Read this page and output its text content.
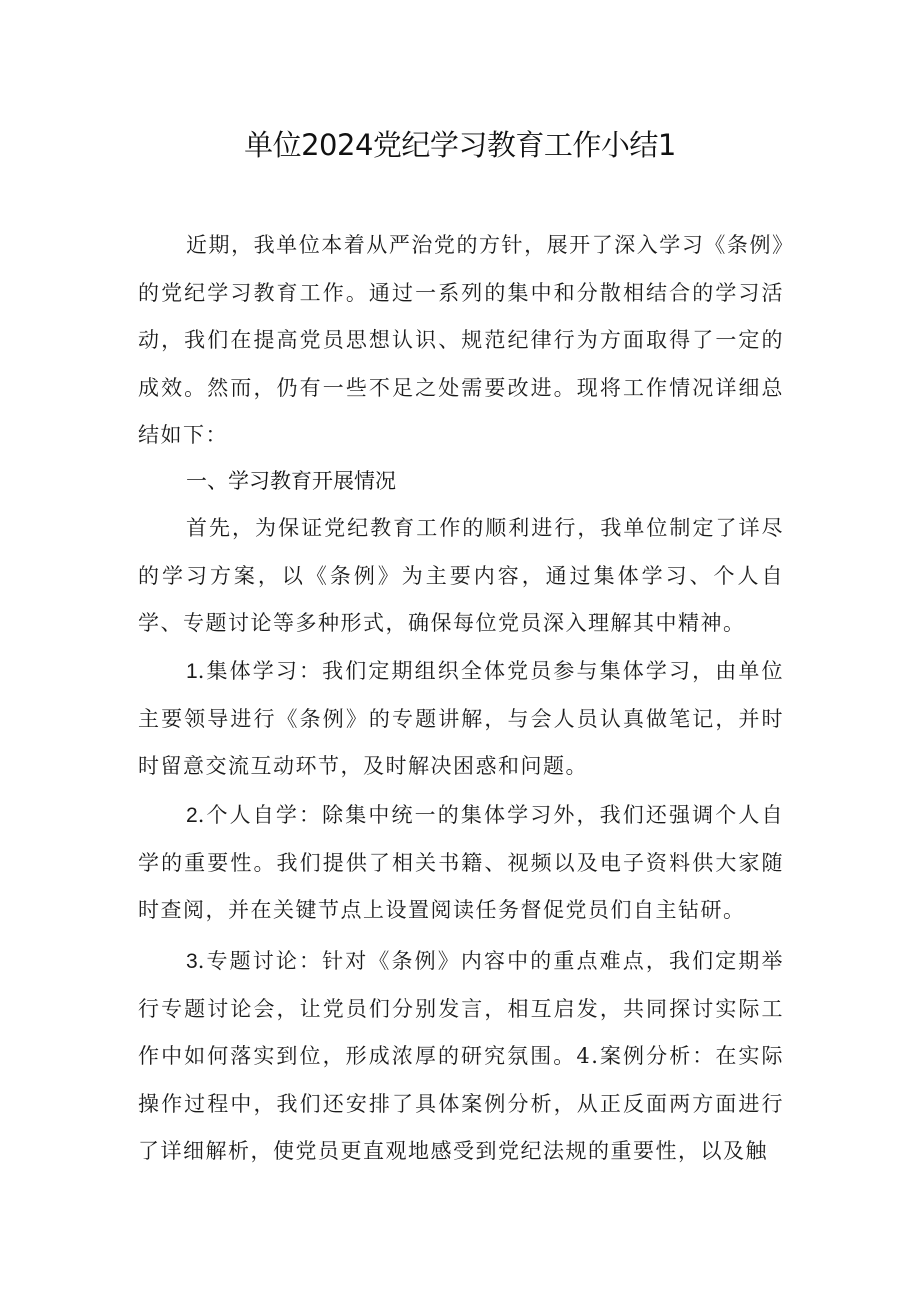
单位2024党纪学习教育工作小结1

近期，我单位本着从严治党的方针，展开了深入学习《条例》的党纪学习教育工作。通过一系列的集中和分散相结合的学习活动，我们在提高党员思想认识、规范纪律行为方面取得了一定的成效。然而，仍有一些不足之处需要改进。现将工作情况详细总结如下：

一、学习教育开展情况

首先，为保证党纪教育工作的顺利进行，我单位制定了详尽的学习方案，以《条例》为主要内容，通过集体学习、个人自学、专题讨论等多种形式，确保每位党员深入理解其中精神。

1.集体学习：我们定期组织全体党员参与集体学习，由单位主要领导进行《条例》的专题讲解，与会人员认真做笔记，并时时留意交流互动环节，及时解决困惑和问题。

2.个人自学：除集中统一的集体学习外，我们还强调个人自学的重要性。我们提供了相关书籍、视频以及电子资料供大家随时查阅，并在关键节点上设置阅读任务督促党员们自主钻研。

3.专题讨论：针对《条例》内容中的重点难点，我们定期举行专题讨论会，让党员们分别发言，相互启发，共同探讨实际工作中如何落实到位，形成浓厚的研究氛围。4.案例分析：在实际操作过程中，我们还安排了具体案例分析，从正反面两方面进行了详细解析，使党员更直观地感受到党纪法规的重要性，以及触
